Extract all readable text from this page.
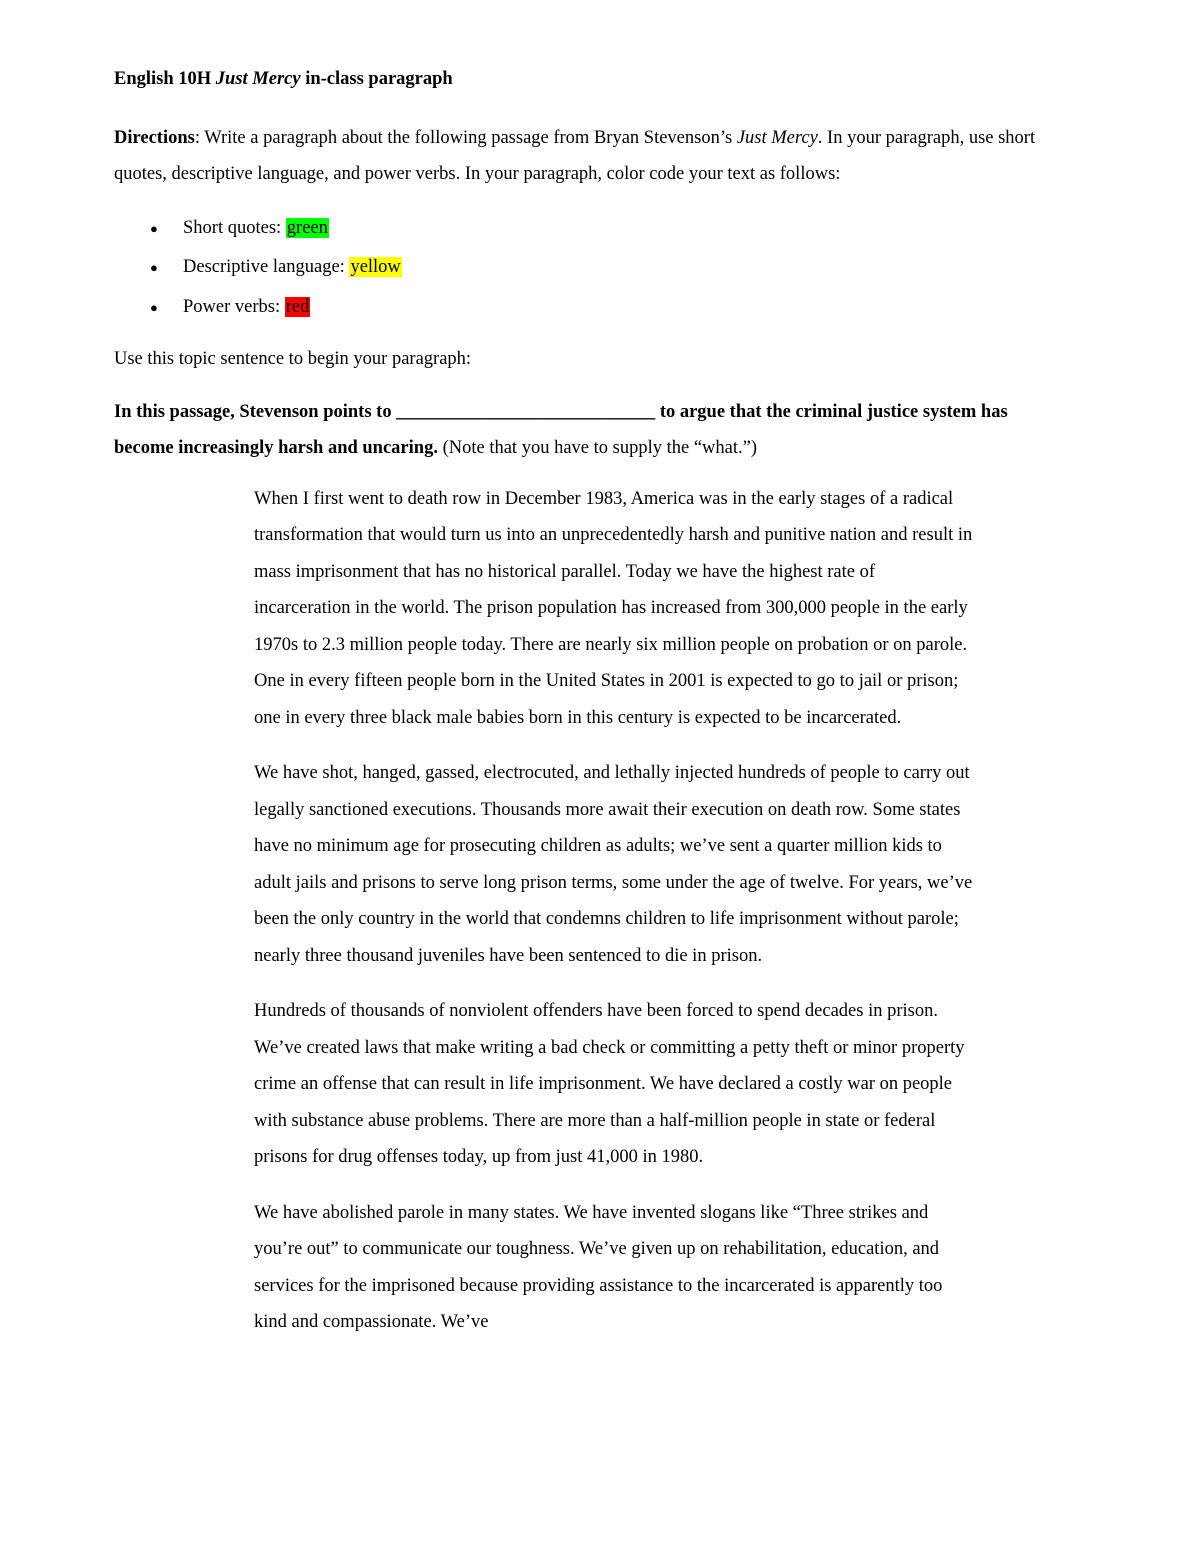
English 10H Just Mercy in-class paragraph

Directions: Write a paragraph about the following passage from Bryan Stevenson’s Just Mercy. In your paragraph, use short quotes, descriptive language, and power verbs. In your paragraph, color code your text as follows:

● Short quotes: green
● Descriptive language: yellow
● Power verbs: red

Use this topic sentence to begin your paragraph:

In this passage, Stevenson points to ____________________________ to argue that the criminal justice system has become increasingly harsh and uncaring. (Note that you have to supply the “what.”)

When I first went to death row in December 1983, America was in the early stages of a radical transformation that would turn us into an unprecedentedly harsh and punitive nation and result in mass imprisonment that has no historical parallel. Today we have the highest rate of incarceration in the world. The prison population has increased from 300,000 people in the early 1970s to 2.3 million people today. There are nearly six million people on probation or on parole. One in every fifteen people born in the United States in 2001 is expected to go to jail or prison; one in every three black male babies born in this century is expected to be incarcerated.

We have shot, hanged, gassed, electrocuted, and lethally injected hundreds of people to carry out legally sanctioned executions. Thousands more await their execution on death row. Some states have no minimum age for prosecuting children as adults; we’ve sent a quarter million kids to adult jails and prisons to serve long prison terms, some under the age of twelve. For years, we’ve been the only country in the world that condemns children to life imprisonment without parole; nearly three thousand juveniles have been sentenced to die in prison.

Hundreds of thousands of nonviolent offenders have been forced to spend decades in prison. We’ve created laws that make writing a bad check or committing a petty theft or minor property crime an offense that can result in life imprisonment. We have declared a costly war on people with substance abuse problems. There are more than a half-million people in state or federal prisons for drug offenses today, up from just 41,000 in 1980.

We have abolished parole in many states. We have invented slogans like “Three strikes and you’re out” to communicate our toughness. We’ve given up on rehabilitation, education, and services for the imprisoned because providing assistance to the incarcerated is apparently too kind and compassionate. We’ve
